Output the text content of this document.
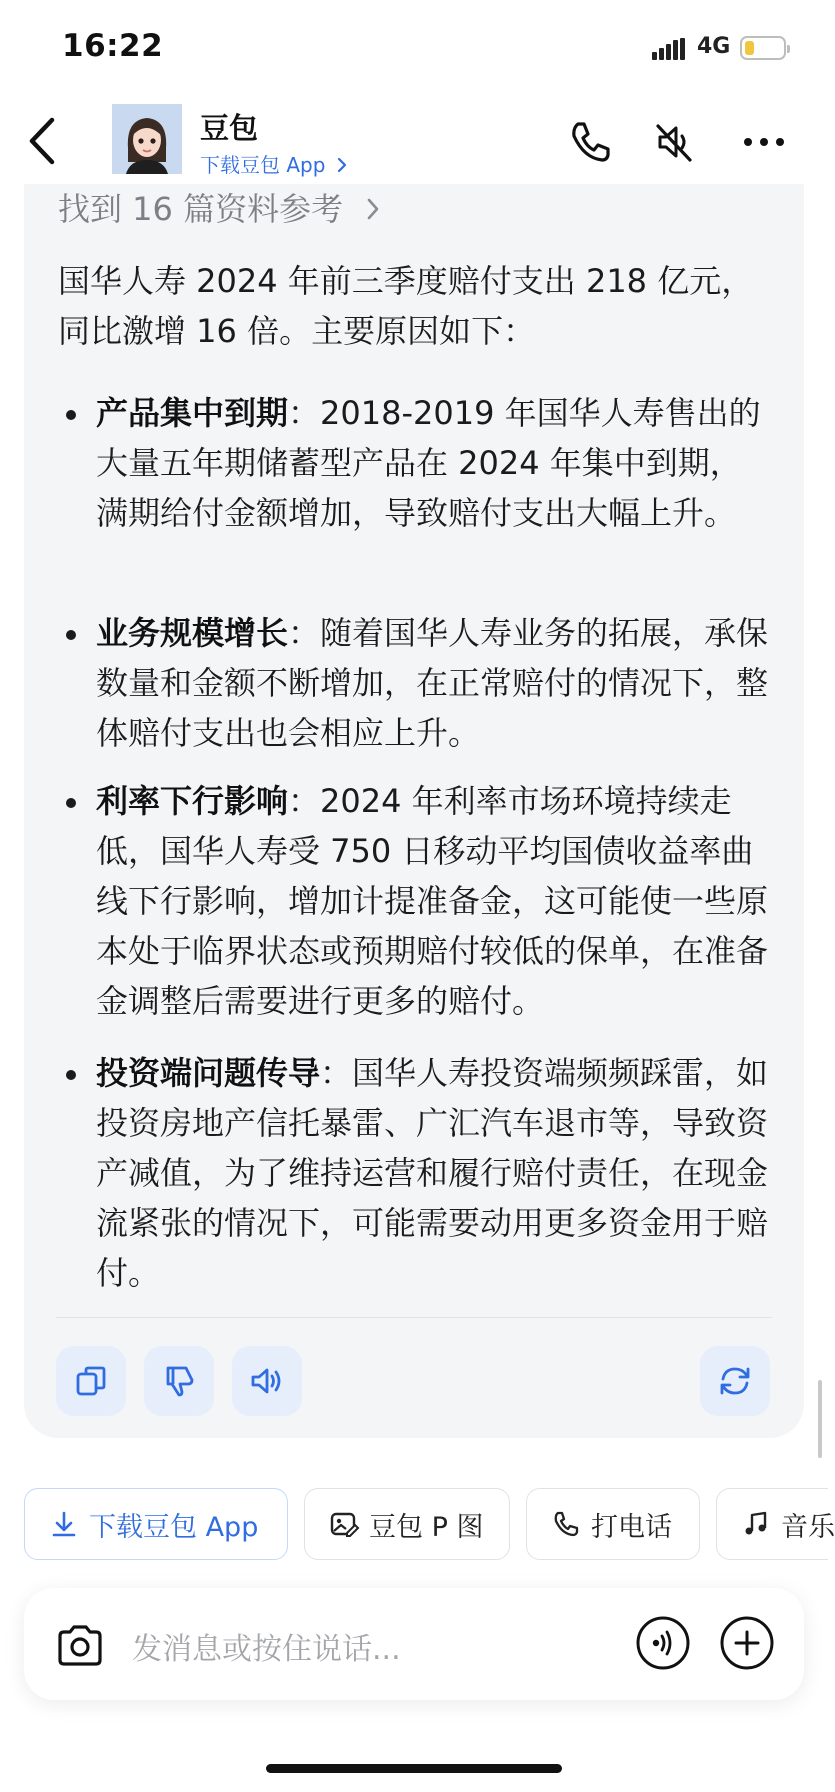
16:22	4G
豆包
下载豆包 App
找到 16 篇资料参考
国华人寿 2024 年前三季度赔付支出 218 亿元，同比激增 16 倍。主要原因如下：
产品集中到期：2018-2019 年国华人寿售出的大量五年期储蓄型产品在 2024 年集中到期，满期给付金额增加，导致赔付支出大幅上升。
业务规模增长：随着国华人寿业务的拓展，承保数量和金额不断增加，在正常赔付的情况下，整体赔付支出也会相应上升。
利率下行影响：2024 年利率市场环境持续走低，国华人寿受 750 日移动平均国债收益率曲线下行影响，增加计提准备金，这可能使一些原本处于临界状态或预期赔付较低的保单，在准备金调整后需要进行更多的赔付。
投资端问题传导：国华人寿投资端频频踩雷，如投资房地产信托暴雷、广汇汽车退市等，导致资产减值，为了维持运营和履行赔付责任，在现金流紧张的情况下，可能需要动用更多资金用于赔付。
下载豆包 App	豆包 P 图	打电话	音乐
发消息或按住说话...
